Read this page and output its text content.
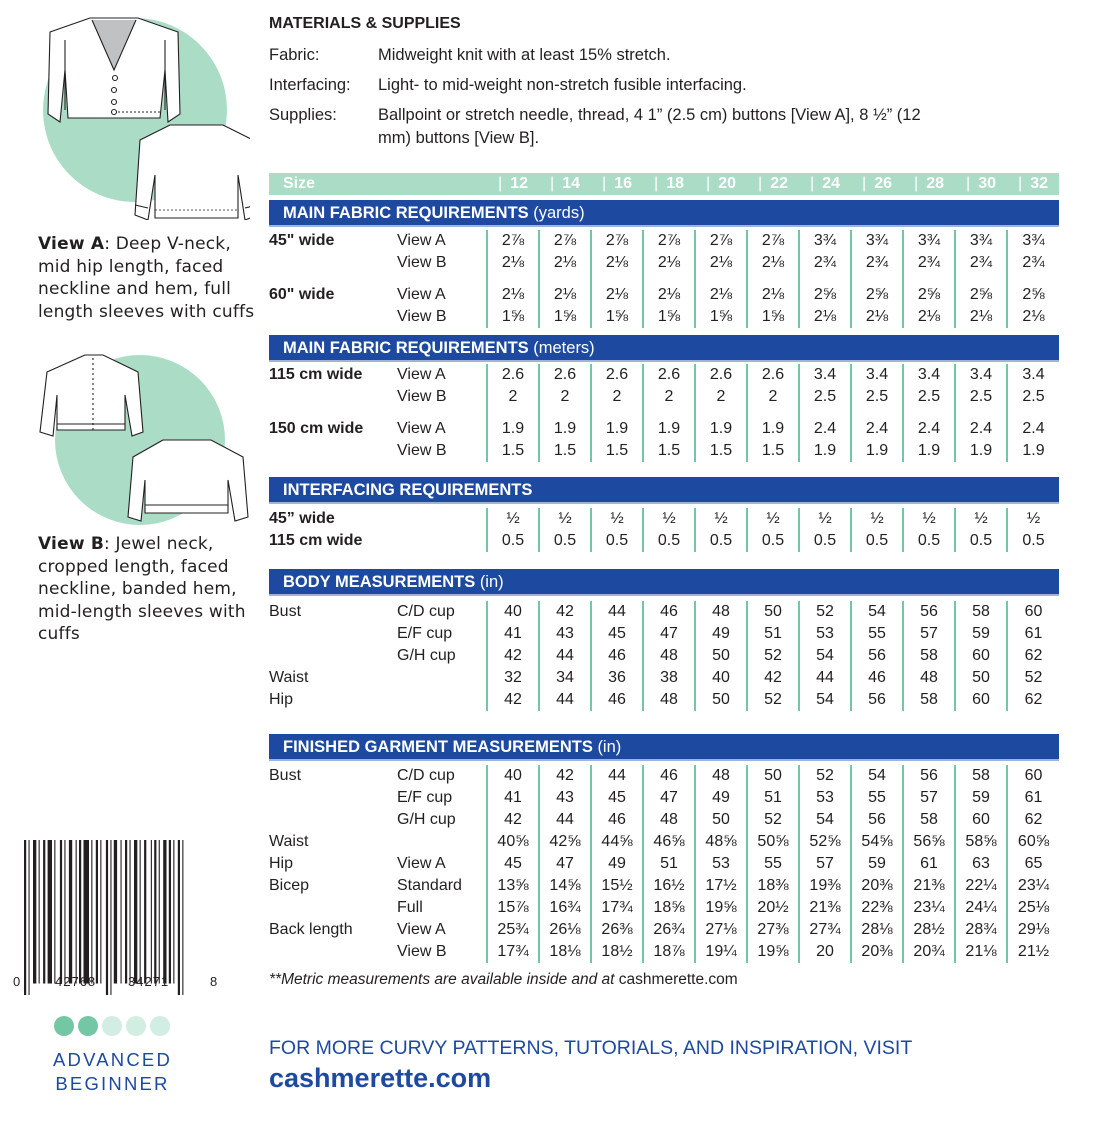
View A: Deep V-neck, mid hip length, faced neckline and hem, full length sleeves with cuffs
View B: Jewel neck, cropped length, faced neckline, banded hem, mid-length sleeves with cuffs
0	42768 34271	8
ADVANCED
BEGINNER
MATERIALS & SUPPLIES
Fabric:	Midweight knit with at least 15% stretch.
Interfacing: Light- to mid-weight non-stretch fusible interfacing.
Supplies: Ballpoint or stretch needle, thread, 4 1” (2.5 cm) buttons [View A], 8 ½” (12 mm) buttons [View B].
Size	| 12	| 14	| 16	| 18	| 20	| 22	| 24	| 26	| 28	| 30	| 32
MAIN FABRIC REQUIREMENTS (yards)
45" wide	View A	2⅞	2⅞	2⅞	2⅞	2⅞	2⅞	3¾	3¾	3¾	3¾	3¾
	View B	2⅛	2⅛	2⅛	2⅛	2⅛	2⅛	2¾	2¾	2¾	2¾	2¾

60" wide	View A	2⅛	2⅛	2⅛	2⅛	2⅛	2⅛	2⅝	2⅝	2⅝	2⅝	2⅝
	View B	1⅝	1⅝	1⅝	1⅝	1⅝	1⅝	2⅛	2⅛	2⅛	2⅛	2⅛
MAIN FABRIC REQUIREMENTS (meters)
115 cm wide	View A	2.6	2.6	2.6	2.6	2.6	2.6	3.4	3.4	3.4	3.4	3.4
	View B	2	2	2	2	2	2	2.5	2.5	2.5	2.5	2.5

150 cm wide	View A	1.9	1.9	1.9	1.9	1.9	1.9	2.4	2.4	2.4	2.4	2.4
	View B	1.5	1.5	1.5	1.5	1.5	1.5	1.9	1.9	1.9	1.9	1.9
INTERFACING REQUIREMENTS
45” wide		½	½	½	½	½	½	½	½	½	½	½
115 cm wide		0.5	0.5	0.5	0.5	0.5	0.5	0.5	0.5	0.5	0.5	0.5
BODY MEASUREMENTS (in)
Bust	C/D cup	40	42	44	46	48	50	52	54	56	58	60
	E/F cup	41	43	45	47	49	51	53	55	57	59	61
	G/H cup	42	44	46	48	50	52	54	56	58	60	62
Waist		32	34	36	38	40	42	44	46	48	50	52
Hip		42	44	46	48	50	52	54	56	58	60	62
FINISHED GARMENT MEASUREMENTS (in)
Bust	C/D cup	40	42	44	46	48	50	52	54	56	58	60
	E/F cup	41	43	45	47	49	51	53	55	57	59	61
	G/H cup	42	44	46	48	50	52	54	56	58	60	62
Waist		40⅝	42⅝	44⅝	46⅝	48⅝	50⅝	52⅝	54⅝	56⅝	58⅝	60⅝
Hip	View A	45	47	49	51	53	55	57	59	61	63	65
Bicep	Standard	13⅝	14⅝	15½	16½	17½	18⅜	19⅜	20⅜	21⅜	22¼	23¼
	Full	15⅞	16¾	17¾	18⅝	19⅝	20½	21⅜	22⅜	23¼	24¼	25⅛
Back length	View A	25¾	26⅛	26⅜	26¾	27⅛	27⅜	27¾	28⅛	28½	28¾	29⅛
	View B	17¾	18⅛	18½	18⅞	19¼	19⅝	20	20⅜	20¾	21⅛	21½
**Metric measurements are available inside and at cashmerette.com
FOR MORE CURVY PATTERNS, TUTORIALS, AND INSPIRATION, VISIT
cashmerette.com
